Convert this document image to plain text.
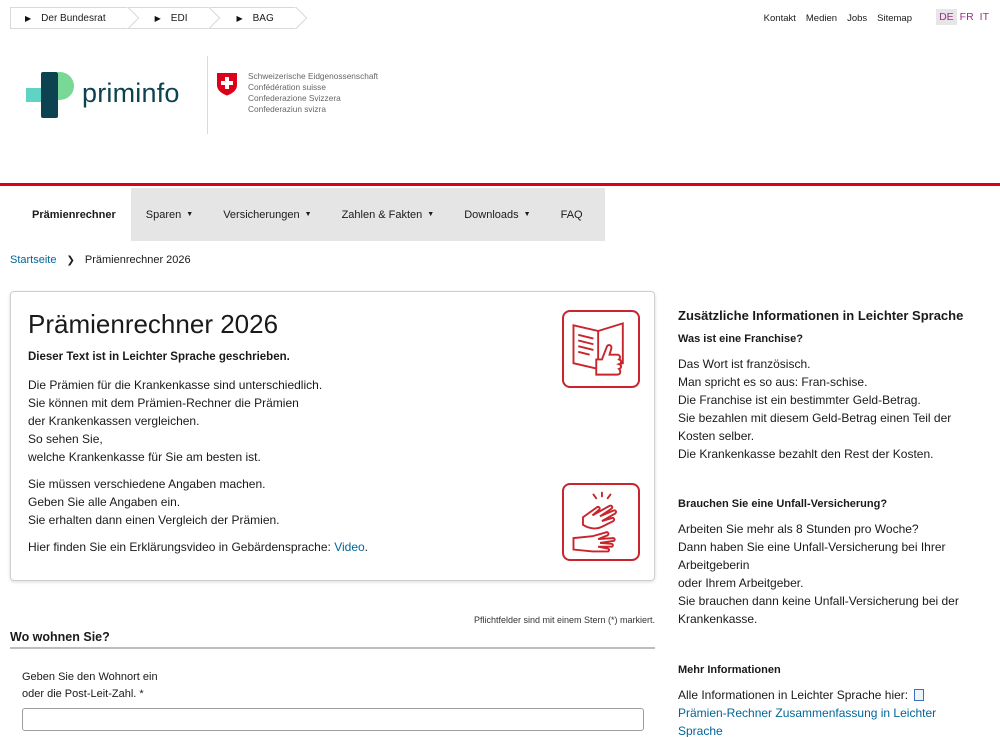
▶ Der Bundesrat	▶ EDI	▶ BAG	Kontakt Medien Jobs Sitemap	DE FR IT
priminfo
Schweizerische Eidgenossenschaft
Confédération suisse
Confederazione Svizzera
Confederaziun svizra
Prämienrechner	Sparen ▼	Versicherungen ▼	Zahlen & Fakten ▼	Downloads ▼	FAQ
Startseite ❯ Prämienrechner 2026
Prämienrechner 2026
Dieser Text ist in Leichter Sprache geschrieben.
Die Prämien für die Krankenkasse sind unterschiedlich.
Sie können mit dem Prämien-Rechner die Prämien
der Krankenkassen vergleichen.
So sehen Sie,
welche Krankenkasse für Sie am besten ist.
Sie müssen verschiedene Angaben machen.
Geben Sie alle Angaben ein.
Sie erhalten dann einen Vergleich der Prämien.
Hier finden Sie ein Erklärungsvideo in Gebärdensprache: Video.
Pflichtfelder sind mit einem Stern (*) markiert.
Wo wohnen Sie?
Geben Sie den Wohnort ein
oder die Post-Leit-Zahl. *
Zusätzliche Informationen in Leichter Sprache
Was ist eine Franchise?
Das Wort ist französisch.
Man spricht es so aus: Fran-schise.
Die Franchise ist ein bestimmter Geld-Betrag.
Sie bezahlen mit diesem Geld-Betrag einen Teil der
Kosten selber.
Die Krankenkasse bezahlt den Rest der Kosten.
Brauchen Sie eine Unfall-Versicherung?
Arbeiten Sie mehr als 8 Stunden pro Woche?
Dann haben Sie eine Unfall-Versicherung bei Ihrer
Arbeitgeberin
oder Ihrem Arbeitgeber.
Sie brauchen dann keine Unfall-Versicherung bei der
Krankenkasse.
Mehr Informationen
Alle Informationen in Leichter Sprache hier:
Prämien-Rechner Zusammenfassung in Leichter Sprache
